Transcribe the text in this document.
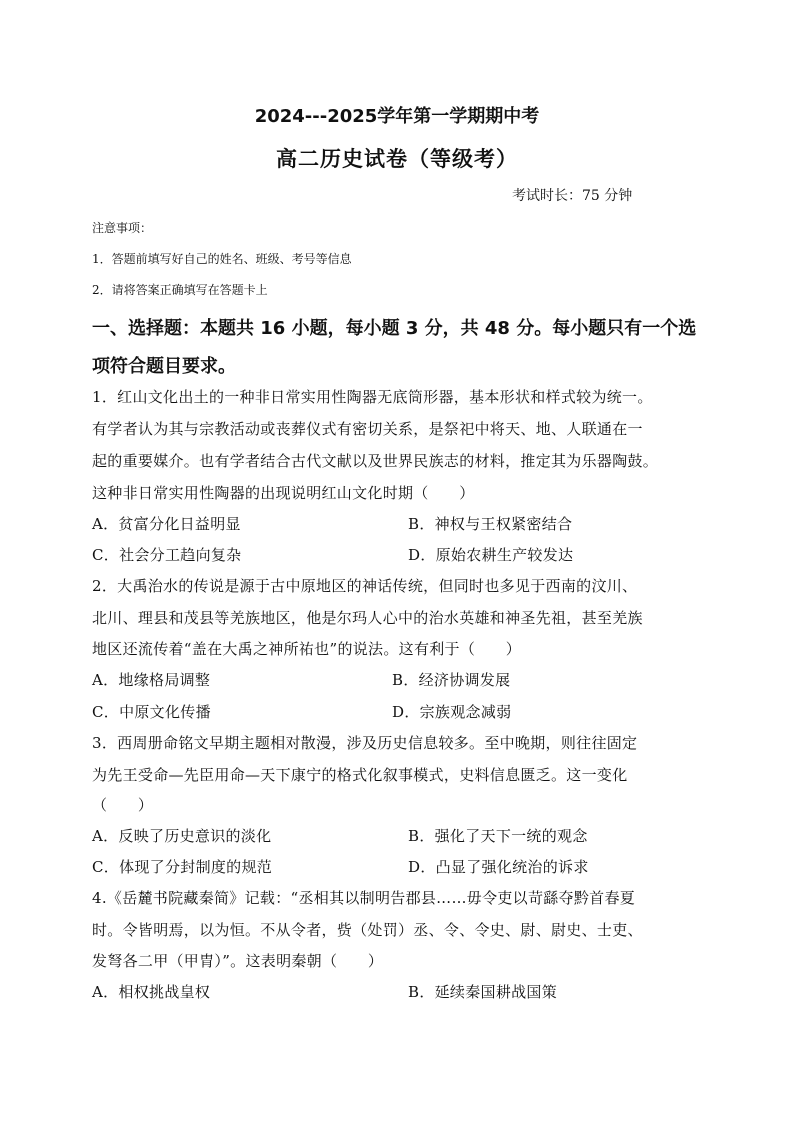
2024---2025学年第一学期期中考
高二历史试卷（等级考）
考试时长：75 分钟
注意事项：
1．答题前填写好自己的姓名、班级、考号等信息
2．请将答案正确填写在答题卡上
一、选择题：本题共 16 小题，每小题 3 分，共 48 分。每小题只有一个选
项符合题目要求。
1．红山文化出土的一种非日常实用性陶器无底筒形器，基本形状和样式较为统一。
有学者认为其与宗教活动或丧葬仪式有密切关系，是祭祀中将天、地、人联通在一
起的重要媒介。也有学者结合古代文献以及世界民族志的材料，推定其为乐器陶鼓。
这种非日常实用性陶器的出现说明红山文化时期（　　）
A．贫富分化日益明显	B．神权与王权紧密结合
C．社会分工趋向复杂	D．原始农耕生产较发达
2．大禹治水的传说是源于古中原地区的神话传统，但同时也多见于西南的汶川、
北川、理县和茂县等羌族地区，他是尔玛人心中的治水英雄和神圣先祖，甚至羌族
地区还流传着“盖在大禹之神所祐也”的说法。这有利于（　　）
A．地缘格局调整	B．经济协调发展
C．中原文化传播	D．宗族观念减弱
3．西周册命铭文早期主题相对散漫，涉及历史信息较多。至中晚期，则往往固定
为先王受命—先臣用命—天下康宁的格式化叙事模式，史料信息匮乏。这一变化
（　　）
A．反映了历史意识的淡化	B．强化了天下一统的观念
C．体现了分封制度的规范	D．凸显了强化统治的诉求
4.《岳麓书院藏秦简》记载：“丞相其以制明告郡县……毋令吏以苛繇夺黔首春夏
时。令皆明焉，以为恒。不从令者，赀（处罚）丞、令、令史、尉、尉史、士吏、
发弩各二甲（甲胄）”。这表明秦朝（　　）
A．相权挑战皇权	B．延续秦国耕战国策
